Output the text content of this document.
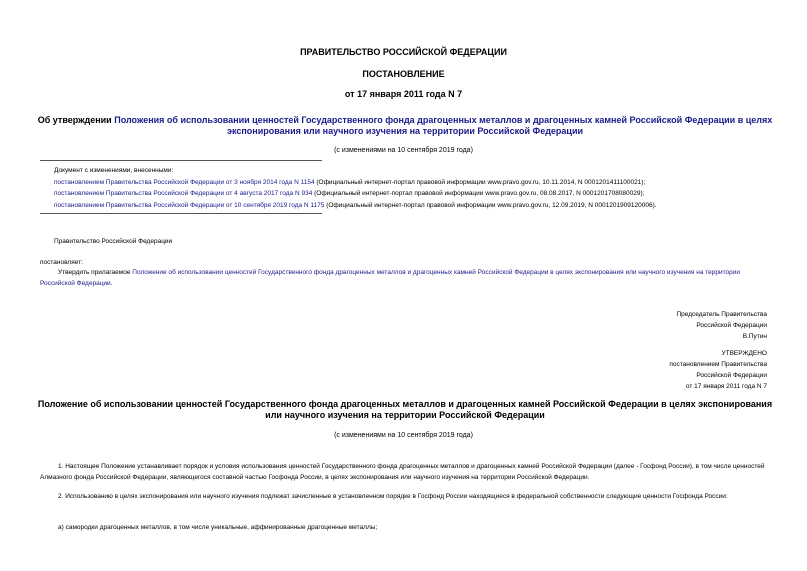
ПРАВИТЕЛЬСТВО РОССИЙСКОЙ ФЕДЕРАЦИИ
ПОСТАНОВЛЕНИЕ
от 17 января 2011 года N 7
Об утверждении Положения об использовании ценностей Государственного фонда драгоценных металлов и драгоценных камней Российской Федерации в целях экспонирования или научного изучения на территории Российской Федерации
(с изменениями на 10 сентября 2019 года)
Документ с изменениями, внесенными:
постановлением Правительства Российской Федерации от 3 ноября 2014 года N 1154 (Официальный интернет-портал правовой информации www.pravo.gov.ru, 10.11.2014, N 0001201411100021);
постановлением Правительства Российской Федерации от 4 августа 2017 года N 934 (Официальный интернет-портал правовой информации www.pravo.gov.ru, 08.08.2017, N 0001201708080029);
постановлением Правительства Российской Федерации от 10 сентября 2019 года N 1175 (Официальный интернет-портал правовой информации www.pravo.gov.ru, 12.09.2019, N 0001201909120006).
Правительство Российской Федерации
постановляет:
Утвердить прилагаемое Положение об использовании ценностей Государственного фонда драгоценных металлов и драгоценных камней Российской Федерации в целях экспонирования или научного изучения на территории Российской Федерации.
Председатель Правительства
Российской Федерации
В.Путин
УТВЕРЖДЕНО
постановлением Правительства
Российской Федерации
от 17 января 2011 года N 7
Положение об использовании ценностей Государственного фонда драгоценных металлов и драгоценных камней Российской Федерации в целях экспонирования или научного изучения на территории Российской Федерации
(с изменениями на 10 сентября 2019 года)
1. Настоящее Положение устанавливает порядок и условия использования ценностей Государственного фонда драгоценных металлов и драгоценных камней Российской Федерации (далее - Госфонд России), в том числе ценностей Алмазного фонда Российской Федерации, являющегося составной частью Госфонда России, в целях экспонирования или научного изучения на территории Российской Федерации.
2. Использованию в целях экспонирования или научного изучения подлежат зачисленные в установленном порядке в Госфонд России находящиеся в федеральной собственности следующие ценности Госфонда России:
а) самородки драгоценных металлов, в том числе уникальные, аффинированные драгоценные металлы;
